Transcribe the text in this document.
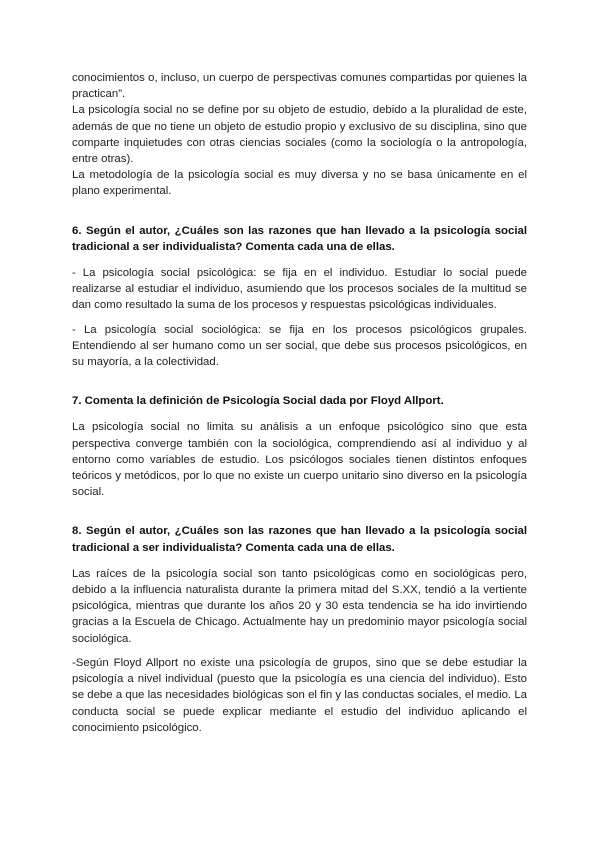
conocimientos o, incluso, un cuerpo de perspectivas comunes compartidas por quienes la practican”.

La psicología social no se define por su objeto de estudio, debido a la pluralidad de este, además de que no tiene un objeto de estudio propio y exclusivo de su disciplina, sino que comparte inquietudes con otras ciencias sociales (como la sociología o la antropología, entre otras).

La metodología de la psicología social es muy diversa y no se basa únicamente en el plano experimental.

6. Según el autor, ¿Cuáles son las razones que han llevado a la psicología social tradicional a ser individualista? Comenta cada una de ellas.

- La psicología social psicológica: se fija en el individuo. Estudiar lo social puede realizarse al estudiar el individuo, asumiendo que los procesos sociales de la multitud se dan como resultado la suma de los procesos y respuestas psicológicas individuales.

- La psicología social sociológica: se fija en los procesos psicológicos grupales. Entendiendo al ser humano como un ser social, que debe sus procesos psicológicos, en su mayoría, a la colectividad.

7. Comenta la definición de Psicología Social dada por Floyd Allport.

La psicología social no limita su análisis a un enfoque psicológico sino que esta perspectiva converge también con la sociológica, comprendiendo así al individuo y al entorno como variables de estudio. Los psicólogos sociales tienen distintos enfoques teóricos y metódicos, por lo que no existe un cuerpo unitario sino diverso en la psicología social.

8. Según el autor, ¿Cuáles son las razones que han llevado a la psicología social tradicional a ser individualista? Comenta cada una de ellas.

Las raíces de la psicología social son tanto psicológicas como en sociológicas pero, debido a la influencia naturalista durante la primera mitad del S.XX, tendió a la vertiente psicológica, mientras que durante los años 20 y 30 esta tendencia se ha ido invirtiendo gracias a la Escuela de Chicago. Actualmente hay un predominio mayor psicología social sociológica.

-Según Floyd Allport no existe una psicología de grupos, sino que se debe estudiar la psicología a nivel individual (puesto que la psicología es una ciencia del individuo). Esto se debe a que las necesidades biológicas son el fin y las conductas sociales, el medio. La conducta social se puede explicar mediante el estudio del individuo aplicando el conocimiento psicológico.
